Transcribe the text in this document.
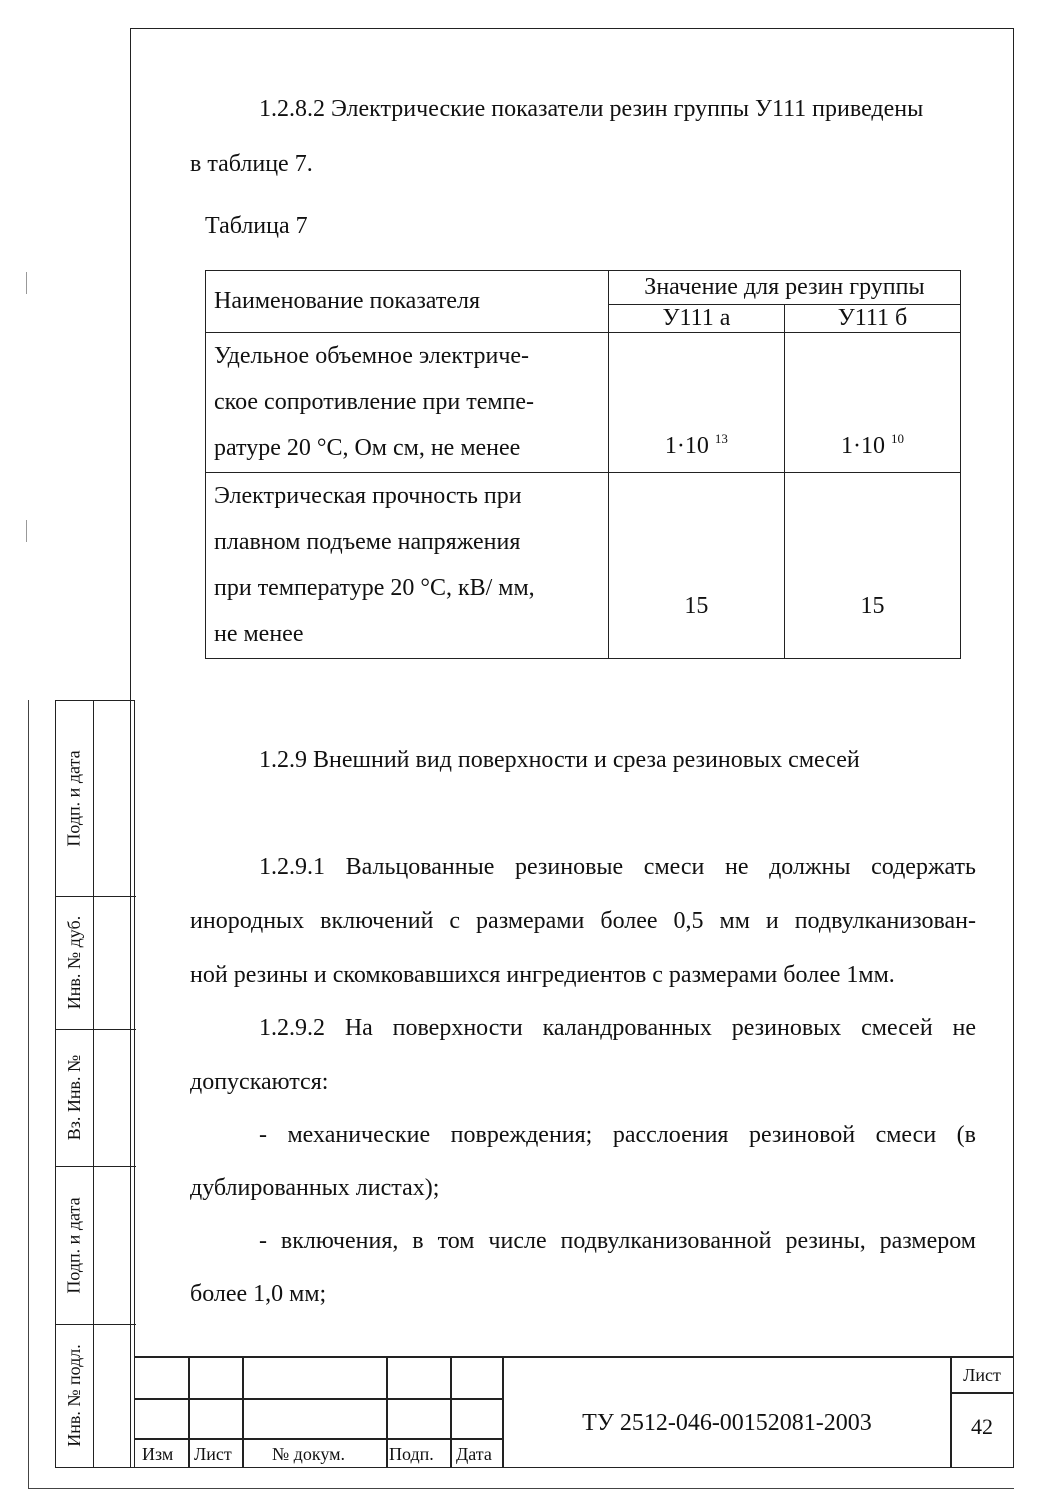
1.2.8.2 Электрические показатели резин группы У111 приведены
в таблице 7.
Таблица 7
Наименование показателя	Значение для резин группы	
	У111 а	У111 б

Удельное объемное электриче-
ское сопротивление при темпе-
ратуре 20 °С, Ом см, не менее	1·10 $^{13}$	1·10 $^{10}$

Электрическая прочность при
плавном подъеме напряжения
при температуре 20 °С, кВ/ мм,
не менее	15	15
1.2.9 Внешний вид поверхности и среза резиновых смесей
1.2.9.1 Вальцованные резиновые смеси не должны содержать
инородных включений с размерами более 0,5 мм и подвулканизован-
ной резины и скомковавшихся ингредиентов с размерами более 1мм.
1.2.9.2 На поверхности каландрованных резиновых смесей не
допускаются:
- механические повреждения; расслоения резиновой смеси (в
дублированных листах);
- включения, в том числе подвулканизованной резины, размером
более 1,0 мм;
Подп. и дата
Инв. № дуб.
Вз. Инв. №
Подп. и дата
Инв. № подл.
Изм Лист № докум. Подп. Дата
ТУ 2512-046-00152081-2003
Лист
42
